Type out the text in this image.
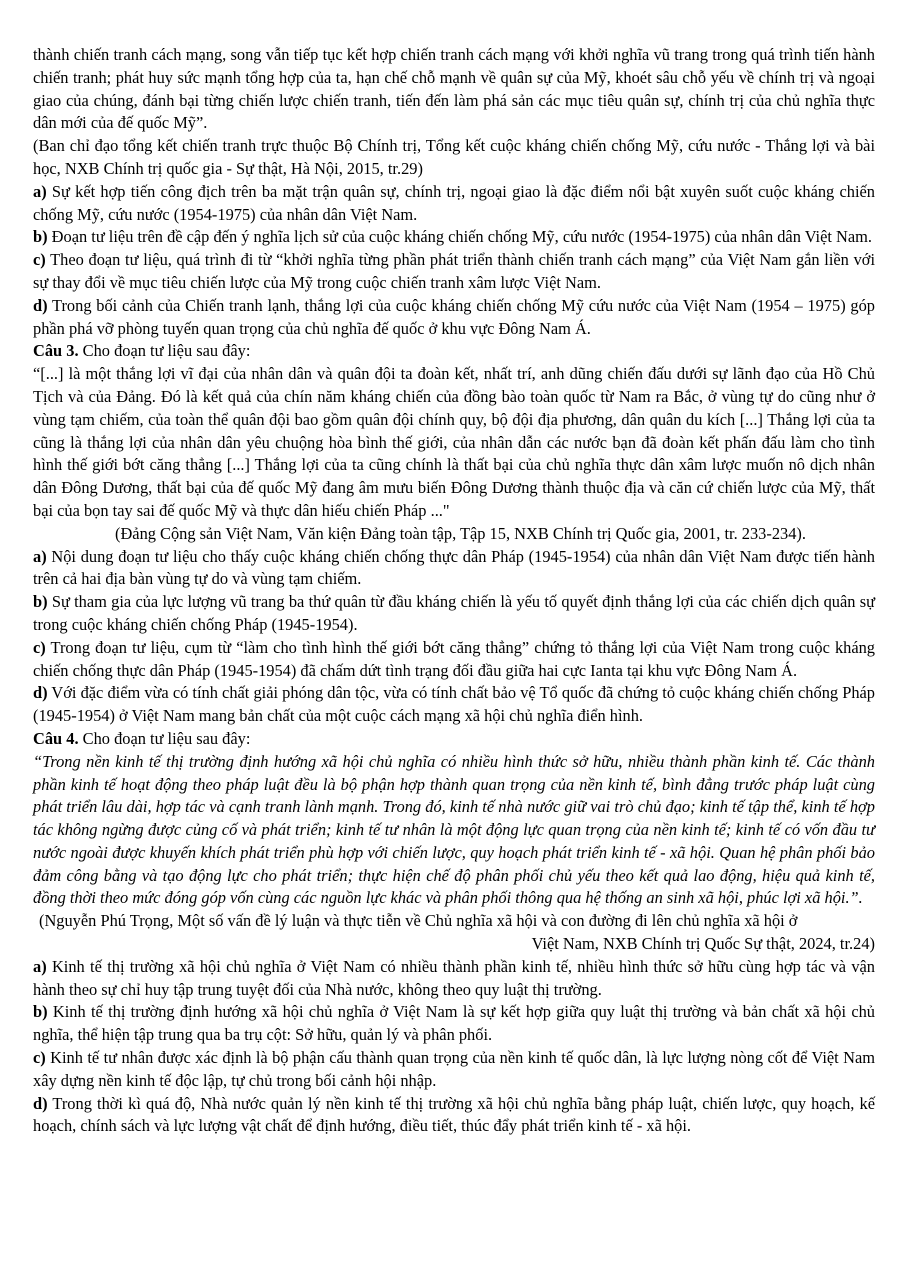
thành chiến tranh cách mạng, song vẫn tiếp tục kết hợp chiến tranh cách mạng với khởi nghĩa vũ trang trong quá trình tiến hành chiến tranh; phát huy sức mạnh tổng hợp của ta, hạn chế chỗ mạnh về quân sự của Mỹ, khoét sâu chỗ yếu về chính trị và ngoại giao của chúng, đánh bại từng chiến lược chiến tranh, tiến đến làm phá sản các mục tiêu quân sự, chính trị của chủ nghĩa thực dân mới của đế quốc Mỹ”.

(Ban chỉ đạo tổng kết chiến tranh trực thuộc Bộ Chính trị, Tổng kết cuộc kháng chiến chống Mỹ, cứu nước - Thắng lợi và bài học, NXB Chính trị quốc gia - Sự thật, Hà Nội, 2015, tr.29)

a) Sự kết hợp tiến công địch trên ba mặt trận quân sự, chính trị, ngoại giao là đặc điểm nổi bật xuyên suốt cuộc kháng chiến chống Mỹ, cứu nước (1954-1975) của nhân dân Việt Nam.

b) Đoạn tư liệu trên đề cập đến ý nghĩa lịch sử của cuộc kháng chiến chống Mỹ, cứu nước (1954-1975) của nhân dân Việt Nam.

c) Theo đoạn tư liệu, quá trình đi từ “khởi nghĩa từng phần phát triển thành chiến tranh cách mạng” của Việt Nam gắn liền với sự thay đổi về mục tiêu chiến lược của Mỹ trong cuộc chiến tranh xâm lược Việt Nam.

d) Trong bối cảnh của Chiến tranh lạnh, thắng lợi của cuộc kháng chiến chống Mỹ cứu nước của Việt Nam (1954 – 1975) góp phần phá vỡ phòng tuyến quan trọng của chủ nghĩa đế quốc ở khu vực Đông Nam Á.

Câu 3. Cho đoạn tư liệu sau đây:

“[...] là một thắng lợi vĩ đại của nhân dân và quân đội ta đoàn kết, nhất trí, anh dũng chiến đấu dưới sự lãnh đạo của Hồ Chủ Tịch và của Đảng. Đó là kết quả của chín năm kháng chiến của đồng bào toàn quốc từ Nam ra Bắc, ở vùng tự do cũng như ở vùng tạm chiếm, của toàn thể quân đội bao gồm quân đội chính quy, bộ đội địa phương, dân quân du kích [...] Thắng lợi của ta cũng là thắng lợi của nhân dân yêu chuộng hòa bình thế giới, của nhân dẫn các nước bạn đã đoàn kết phấn đấu làm cho tình hình thế giới bớt căng thẳng [...] Thắng lợi của ta cũng chính là thất bại của chủ nghĩa thực dân xâm lược muốn nô dịch nhân dân Đông Dương, thất bại của đế quốc Mỹ đang âm mưu biến Đông Dương thành thuộc địa và căn cứ chiến lược của Mỹ, thất bại của bọn tay sai đế quốc Mỹ và thực dân hiếu chiến Pháp ..."

(Đảng Cộng sản Việt Nam, Văn kiện Đảng toàn tập, Tập 15, NXB Chính trị Quốc gia, 2001, tr. 233-234).

a) Nội dung đoạn tư liệu cho thấy cuộc kháng chiến chống thực dân Pháp (1945-1954) của nhân dân Việt Nam được tiến hành trên cả hai địa bàn vùng tự do và vùng tạm chiếm.

b) Sự tham gia của lực lượng vũ trang ba thứ quân từ đầu kháng chiến là yếu tố quyết định thắng lợi của các chiến dịch quân sự trong cuộc kháng chiến chống Pháp (1945-1954).

c) Trong đoạn tư liệu, cụm từ “làm cho tình hình thế giới bớt căng thẳng” chứng tỏ thắng lợi của Việt Nam trong cuộc kháng chiến chống thực dân Pháp (1945-1954) đã chấm dứt tình trạng đối đầu giữa hai cực Ianta tại khu vực Đông Nam Á.

d) Với đặc điểm vừa có tính chất giải phóng dân tộc, vừa có tính chất bảo vệ Tổ quốc đã chứng tỏ cuộc kháng chiến chống Pháp (1945-1954) ở Việt Nam mang bản chất của một cuộc cách mạng xã hội chủ nghĩa điển hình.

Câu 4. Cho đoạn tư liệu sau đây:

“Trong nền kinh tế thị trường định hướng xã hội chủ nghĩa có nhiều hình thức sở hữu, nhiều thành phần kinh tế. Các thành phần kinh tế hoạt động theo pháp luật đều là bộ phận hợp thành quan trọng của nền kinh tế, bình đẳng trước pháp luật cùng phát triển lâu dài, hợp tác và cạnh tranh lành mạnh. Trong đó, kinh tế nhà nước giữ vai trò chủ đạo; kinh tế tập thể, kinh tế hợp tác không ngừng được củng cố và phát triển; kinh tế tư nhân là một động lực quan trọng của nền kinh tế; kinh tế có vốn đầu tư nước ngoài được khuyến khích phát triển phù hợp với chiến lược, quy hoạch phát triển kinh tế - xã hội. Quan hệ phân phối bảo đảm công bằng và tạo động lực cho phát triển; thực hiện chế độ phân phối chủ yếu theo kết quả lao động, hiệu quả kinh tế, đồng thời theo mức đóng góp vốn cùng các nguồn lực khác và phân phối thông qua hệ thống an sinh xã hội, phúc lợi xã hội.”.

(Nguyễn Phú Trọng, Một số vấn đề lý luận và thực tiễn về Chủ nghĩa xã hội và con đường đi lên chủ nghĩa xã hội ở

Việt Nam, NXB Chính trị Quốc Sự thật, 2024, tr.24)

a) Kinh tế thị trường xã hội chủ nghĩa ở Việt Nam có nhiều thành phần kinh tế, nhiều hình thức sở hữu cùng hợp tác và vận hành theo sự chỉ huy tập trung tuyệt đối của Nhà nước, không theo quy luật thị trường.

b) Kinh tế thị trường định hướng xã hội chủ nghĩa ở Việt Nam là sự kết hợp giữa quy luật thị trường và bản chất xã hội chủ nghĩa, thể hiện tập trung qua ba trụ cột: Sở hữu, quản lý và phân phối.

c) Kinh tế tư nhân được xác định là bộ phận cấu thành quan trọng của nền kinh tế quốc dân, là lực lượng nòng cốt để Việt Nam xây dựng nền kinh tế độc lập, tự chủ trong bối cảnh hội nhập.

d) Trong thời kì quá độ, Nhà nước quản lý nền kinh tế thị trường xã hội chủ nghĩa bằng pháp luật, chiến lược, quy hoạch, kế hoạch, chính sách và lực lượng vật chất để định hướng, điều tiết, thúc đẩy phát triển kinh tế - xã hội.
